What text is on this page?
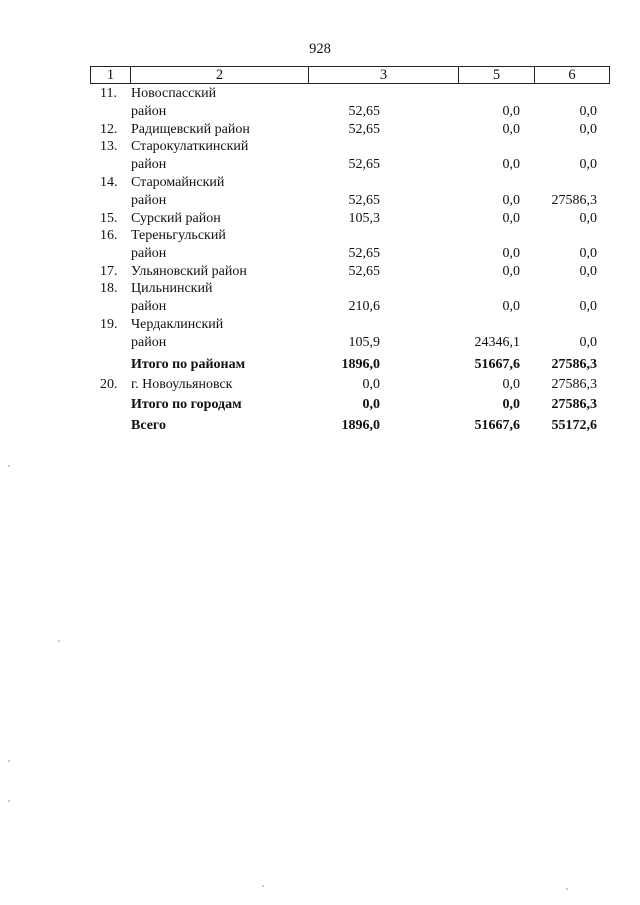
928
1	2	3	5	6
11. Новоспасский
район	52,65	0,0	0,0
12. Радищевский район	52,65	0,0	0,0
13. Старокулаткинский
район	52,65	0,0	0,0
14. Старомайнский
район	52,65	0,0	27586,3
15. Сурский район	105,3	0,0	0,0
16. Тереньгульский
район	52,65	0,0	0,0
17. Ульяновский район	52,65	0,0	0,0
18. Цильнинский
район	210,6	0,0	0,0
19. Чердаклинский
район	105,9	24346,1	0,0
Итого по районам	1896,0	51667,6	27586,3
20. г. Новоульяновск	0,0	0,0	27586,3
Итого по городам	0,0	0,0	27586,3
Всего	1896,0	51667,6	55172,6
